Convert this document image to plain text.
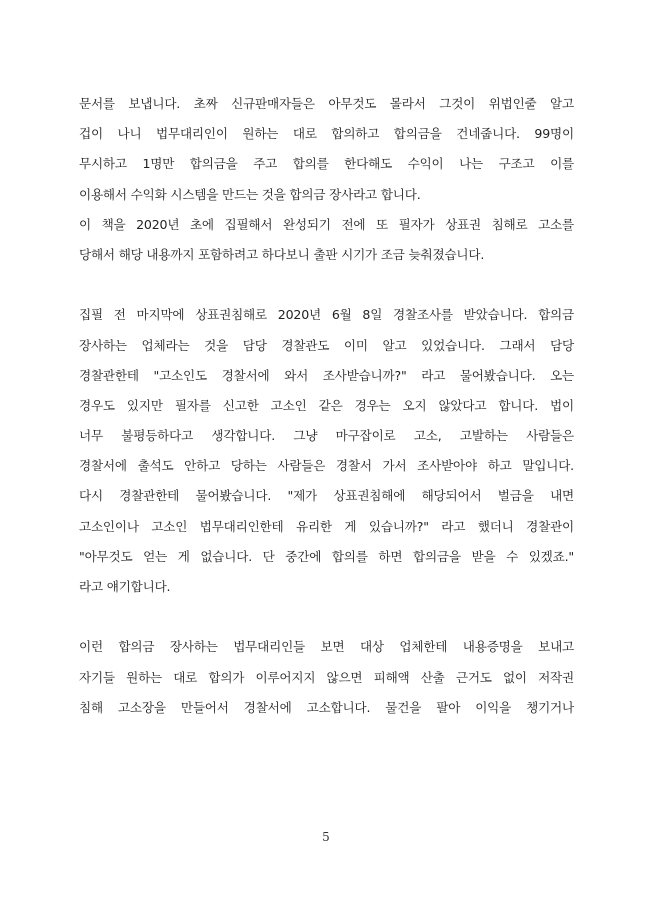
문서를 보냅니다. 초짜 신규판매자들은 아무것도 몰라서 그것이 위법인줄 알고
겁이 나니 법무대리인이 원하는 대로 합의하고 합의금을 건네줍니다. 99명이
무시하고 1명만 합의금을 주고 합의를 한다해도 수익이 나는 구조고 이를
이용해서 수익화 시스템을 만드는 것을 합의금 장사라고 합니다.
이 책을 2020년 초에 집필해서 완성되기 전에 또 필자가 상표권 침해로 고소를
당해서 해당 내용까지 포함하려고 하다보니 출판 시기가 조금 늦춰졌습니다.
집필 전 마지막에 상표권침해로 2020년 6월 8일 경찰조사를 받았습니다. 합의금
장사하는 업체라는 것을 담당 경찰관도 이미 알고 있었습니다. 그래서 담당
경찰관한테 "고소인도 경찰서에 와서 조사받습니까?" 라고 물어봤습니다. 오는
경우도 있지만 필자를 신고한 고소인 같은 경우는 오지 않았다고 합니다. 법이
너무 불평등하다고 생각합니다. 그냥 마구잡이로 고소, 고발하는 사람들은
경찰서에 출석도 안하고 당하는 사람들은 경찰서 가서 조사받아야 하고 말입니다.
다시 경찰관한테 물어봤습니다. "제가 상표권침해에 해당되어서 벌금을 내면
고소인이나 고소인 법무대리인한테 유리한 게 있습니까?" 라고 했더니 경찰관이
"아무것도 얻는 게 없습니다. 단 중간에 합의를 하면 합의금을 받을 수 있겠죠."
라고 얘기합니다.
이런 합의금 장사하는 법무대리인들 보면 대상 업체한테 내용증명을 보내고
자기들 원하는 대로 합의가 이루어지지 않으면 피해액 산출 근거도 없이 저작권
침해 고소장을 만들어서 경찰서에 고소합니다. 물건을 팔아 이익을 챙기거나
5
